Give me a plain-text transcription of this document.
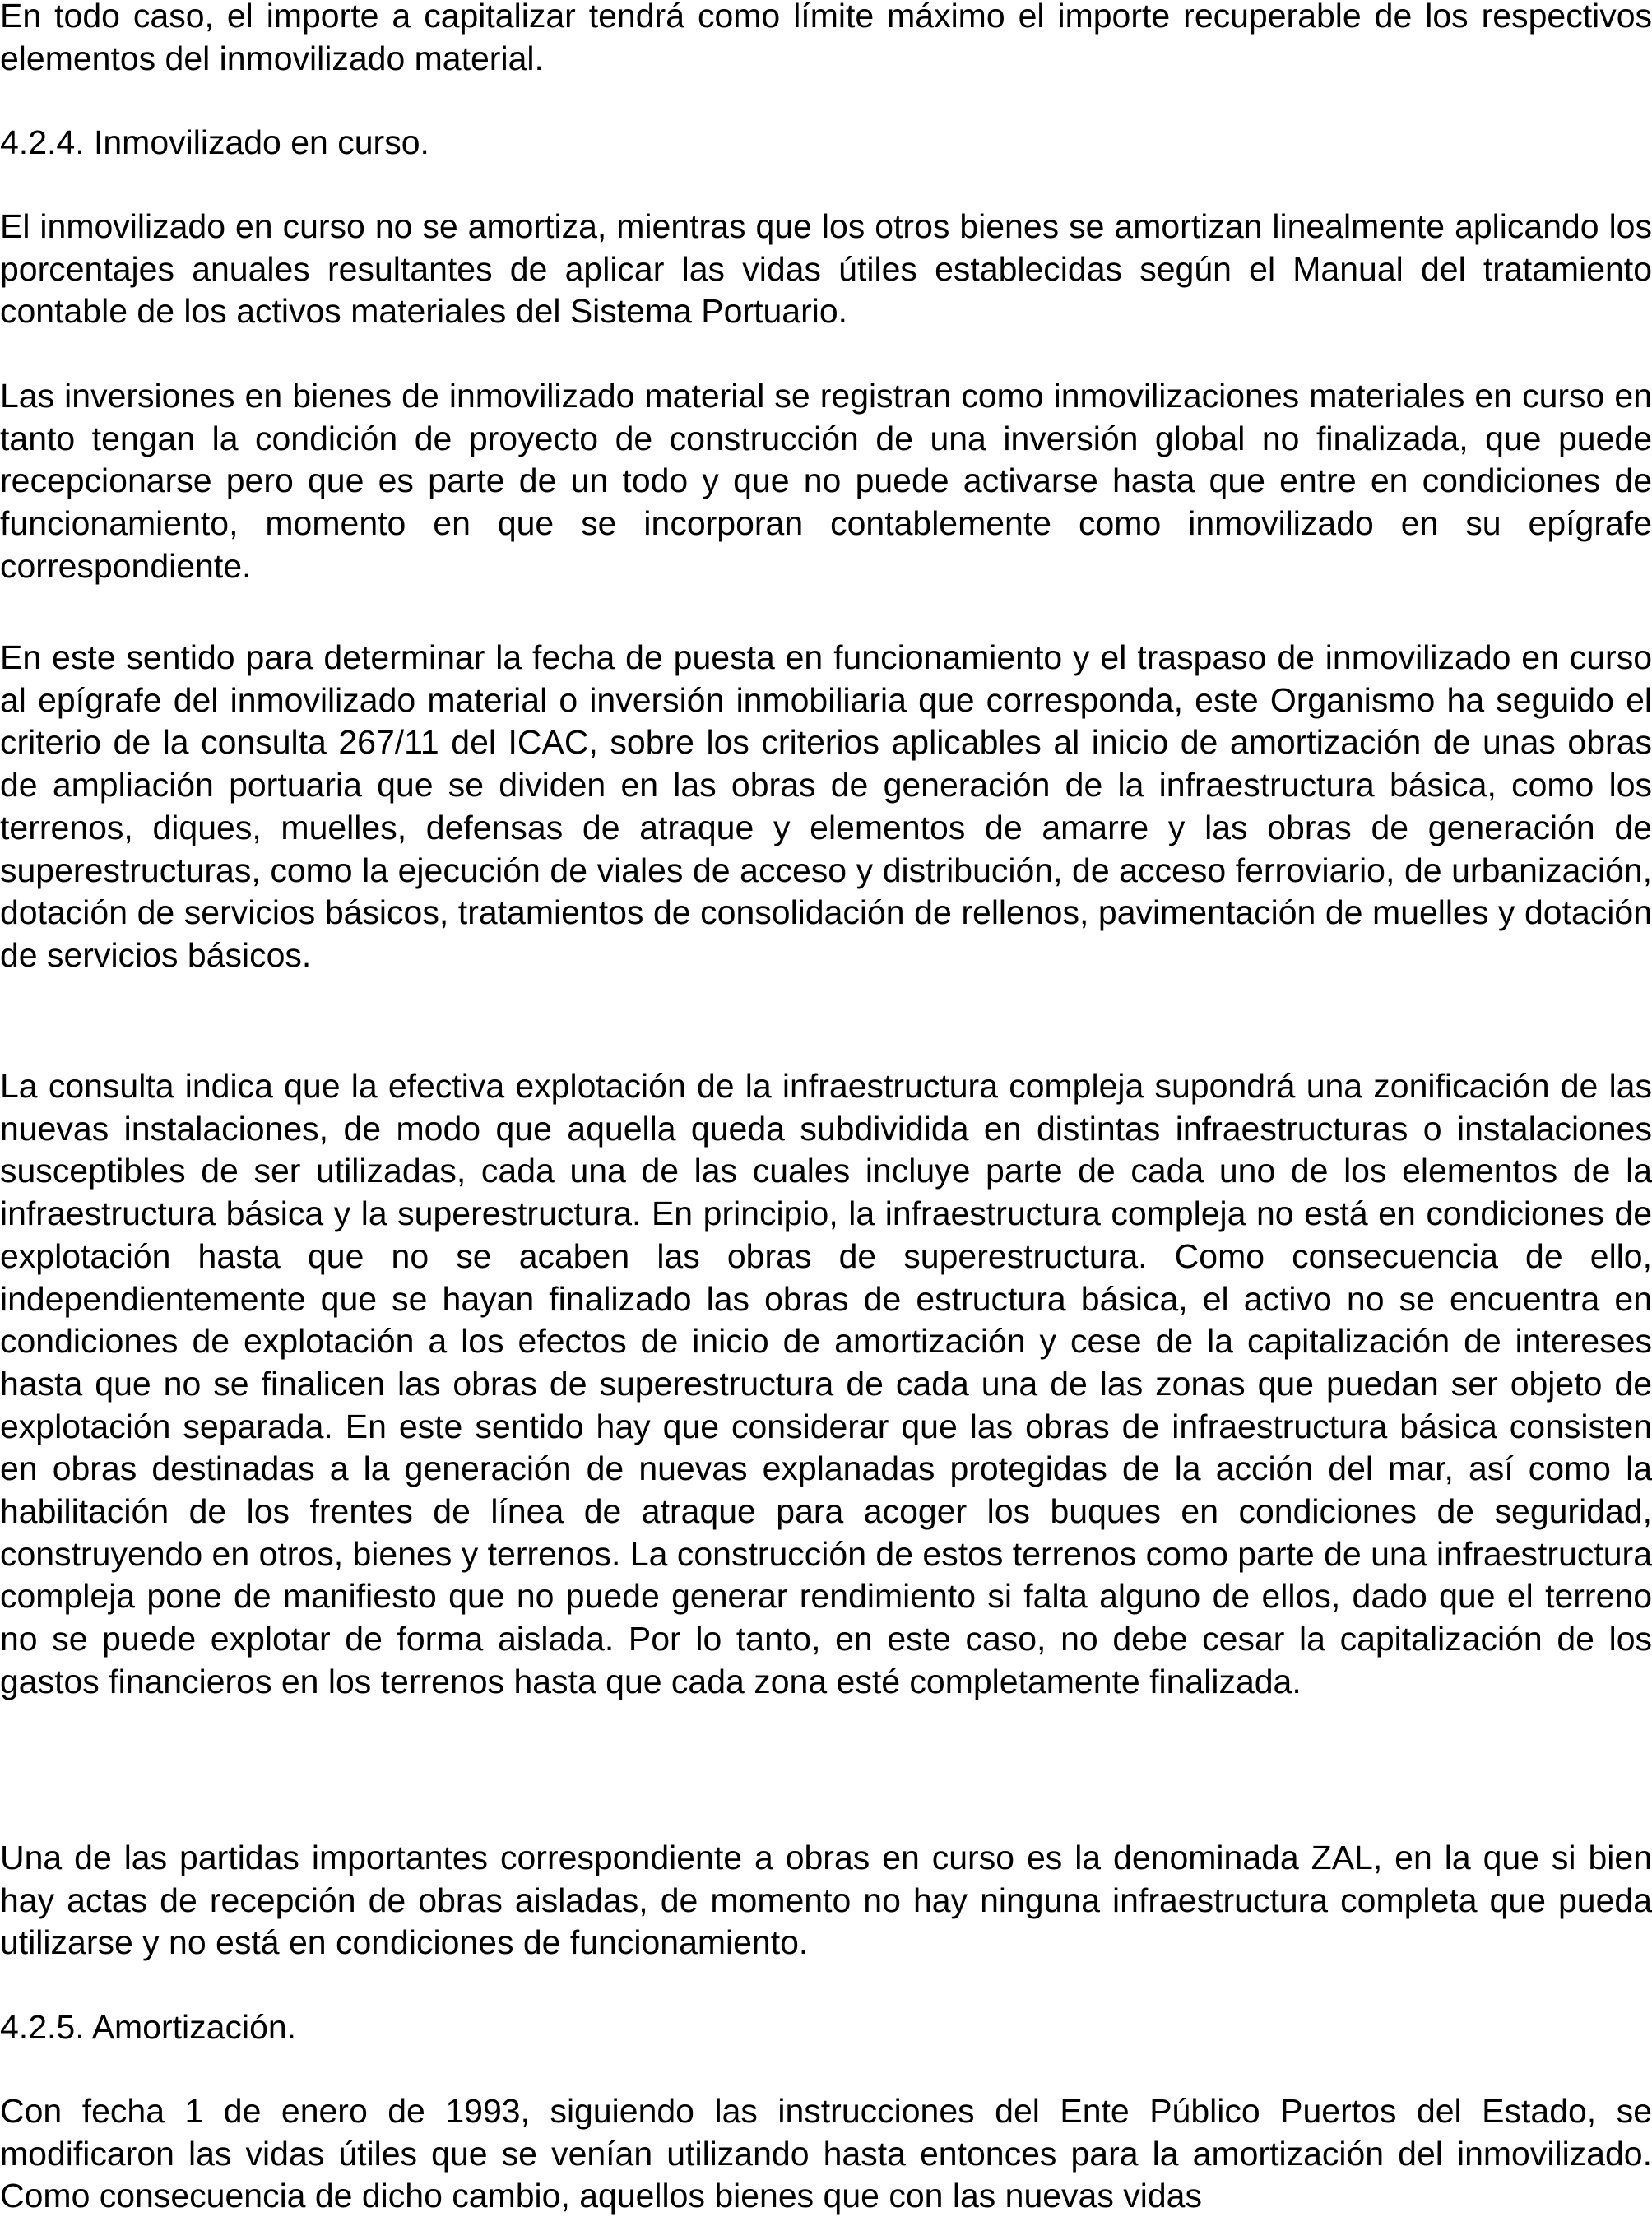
En todo caso, el importe a capitalizar tendrá como límite máximo el importe recuperable de los respectivos elementos del inmovilizado material.

4.2.4. Inmovilizado en curso.

El inmovilizado en curso no se amortiza, mientras que los otros bienes se amortizan linealmente aplicando los porcentajes anuales resultantes de aplicar las vidas útiles establecidas según el Manual del tratamiento contable de los activos materiales del Sistema Portuario.

Las inversiones en bienes de inmovilizado material se registran como inmovilizaciones materiales en curso en tanto tengan la condición de proyecto de construcción de una inversión global no finalizada, que puede recepcionarse pero que es parte de un todo y que no puede activarse hasta que entre en condiciones de funcionamiento, momento en que se incorporan contablemente como inmovilizado en su epígrafe correspondiente.

En este sentido para determinar la fecha de puesta en funcionamiento y el traspaso de inmovilizado en curso al epígrafe del inmovilizado material o inversión inmobiliaria que corresponda, este Organismo ha seguido el criterio de la consulta 267/11 del ICAC, sobre los criterios aplicables al inicio de amortización de unas obras de ampliación portuaria que se dividen en las obras de generación de la infraestructura básica, como los terrenos, diques, muelles, defensas de atraque y elementos de amarre y las obras de generación de superestructuras, como la ejecución de viales de acceso y distribución, de acceso ferroviario, de urbanización, dotación de servicios básicos, tratamientos de consolidación de rellenos, pavimentación de muelles y dotación de servicios básicos.

La consulta indica que la efectiva explotación de la infraestructura compleja supondrá una zonificación de las nuevas instalaciones, de modo que aquella queda subdividida en distintas infraestructuras o instalaciones susceptibles de ser utilizadas, cada una de las cuales incluye parte de cada uno de los elementos de la infraestructura básica y la superestructura. En principio, la infraestructura compleja no está en condiciones de explotación hasta que no se acaben las obras de superestructura. Como consecuencia de ello, independientemente que se hayan finalizado las obras de estructura básica, el activo no se encuentra en condiciones de explotación a los efectos de inicio de amortización y cese de la capitalización de intereses hasta que no se finalicen las obras de superestructura de cada una de las zonas que puedan ser objeto de explotación separada. En este sentido hay que considerar que las obras de infraestructura básica consisten en obras destinadas a la generación de nuevas explanadas protegidas de la acción del mar, así como la habilitación de los frentes de línea de atraque para acoger los buques en condiciones de seguridad, construyendo en otros, bienes y terrenos. La construcción de estos terrenos como parte de una infraestructura compleja pone de manifiesto que no puede generar rendimiento si falta alguno de ellos, dado que el terreno no se puede explotar de forma aislada. Por lo tanto, en este caso, no debe cesar la capitalización de los gastos financieros en los terrenos hasta que cada zona esté completamente finalizada.

Una de las partidas importantes correspondiente a obras en curso es la denominada ZAL, en la que si bien hay actas de recepción de obras aisladas, de momento no hay ninguna infraestructura completa que pueda utilizarse y no está en condiciones de funcionamiento.

4.2.5. Amortización.

Con fecha 1 de enero de 1993, siguiendo las instrucciones del Ente Público Puertos del Estado, se modificaron las vidas útiles que se venían utilizando hasta entonces para la amortización del inmovilizado. Como consecuencia de dicho cambio, aquellos bienes que con las nuevas vidas
